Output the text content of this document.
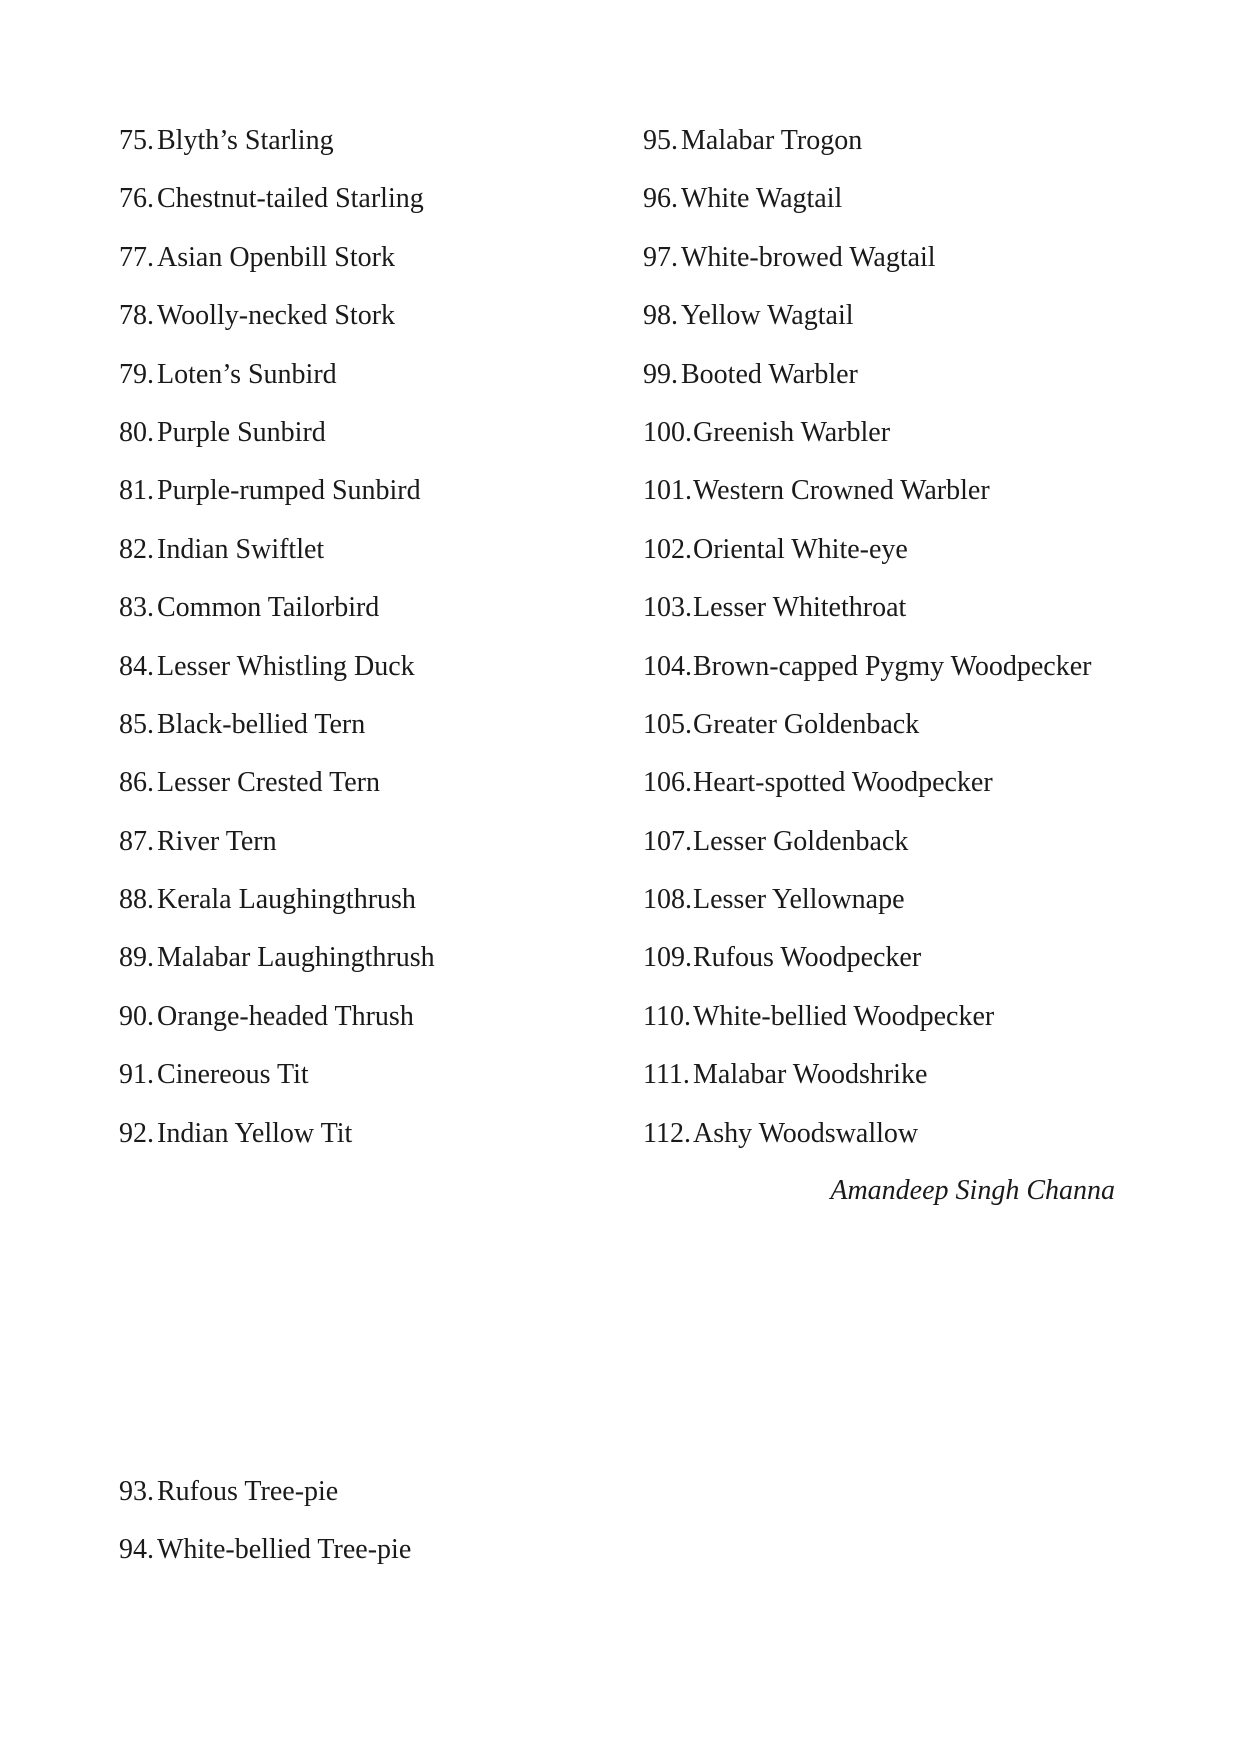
75. Blyth’s Starling
76. Chestnut-tailed Starling
77. Asian Openbill Stork
78. Woolly-necked Stork
79. Loten’s Sunbird
80. Purple Sunbird
81. Purple-rumped Sunbird
82. Indian Swiftlet
83. Common Tailorbird
84. Lesser Whistling Duck
85. Black-bellied Tern
86. Lesser Crested Tern
87. River Tern
88. Kerala Laughingthrush
89. Malabar Laughingthrush
90. Orange-headed Thrush
91. Cinereous Tit
92. Indian Yellow Tit
95. Malabar Trogon
96. White Wagtail
97. White-browed Wagtail
98. Yellow Wagtail
99. Booted Warbler
100.Greenish Warbler
101.Western Crowned Warbler
102.Oriental White-eye
103.Lesser Whitethroat
104.Brown-capped Pygmy Woodpecker
105.Greater Goldenback
106.Heart-spotted Woodpecker
107.Lesser Goldenback
108.Lesser Yellownape
109.Rufous Woodpecker
110.White-bellied Woodpecker
111. Malabar Woodshrike
112.Ashy Woodswallow
Amandeep Singh Channa
93. Rufous Tree-pie
94. White-bellied Tree-pie
